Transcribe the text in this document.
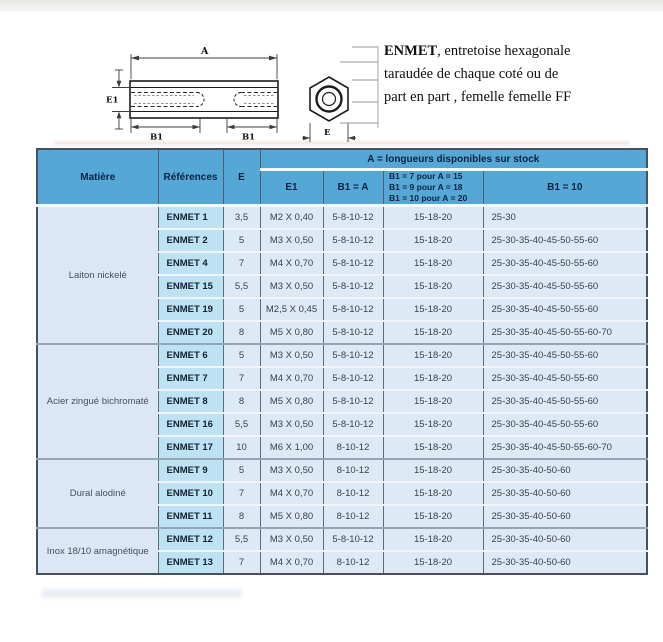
A
E1
B1	B1	E
ENMET, entretoise hexagonale
taraudée de chaque coté ou de
part en part , femelle femelle FF
Matière	Références	E	A = longueurs disponibles sur stock			
			E1	B1 = A	B1 = 7 pour A = 15
B1 = 9 pour A = 18
B1 = 10 pour A = 20	B1 = 10
Laiton nickelé	ENMET 1	3,5	M2 X 0,40	5-8-10-12	15-18-20	25-30
	ENMET 2	5	M3 X 0,50	5-8-10-12	15-18-20	25-30-35-40-45-50-55-60
	ENMET 4	7	M4 X 0,70	5-8-10-12	15-18-20	25-30-35-40-45-50-55-60
	ENMET 15	5,5	M3 X 0,50	5-8-10-12	15-18-20	25-30-35-40-45-50-55-60
	ENMET 19	5	M2,5 X 0,45	5-8-10-12	15-18-20	25-30-35-40-45-50-55-60
	ENMET 20	8	M5 X 0,80	5-8-10-12	15-18-20	25-30-35-40-45-50-55-60-70
Acier zingué bichromaté	ENMET 6	5	M3 X 0,50	5-8-10-12	15-18-20	25-30-35-40-45-50-55-60
	ENMET 7	7	M4 X 0,70	5-8-10-12	15-18-20	25-30-35-40-45-50-55-60
	ENMET 8	8	M5 X 0,80	5-8-10-12	15-18-20	25-30-35-40-45-50-55-60
	ENMET 16	5,5	M3 X 0,50	5-8-10-12	15-18-20	25-30-35-40-45-50-55-60
	ENMET 17	10	M6 X 1,00	8-10-12	15-18-20	25-30-35-40-45-50-55-60-70
Dural alodiné	ENMET 9	5	M3 X 0,50	8-10-12	15-18-20	25-30-35-40-50-60
	ENMET 10	7	M4 X 0,70	8-10-12	15-18-20	25-30-35-40-50-60
	ENMET 11	8	M5 X 0,80	8-10-12	15-18-20	25-30-35-40-50-60
Inox 18/10 amagnétique	ENMET 12	5,5	M3 X 0,50	5-8-10-12	15-18-20	25-30-35-40-50-60
	ENMET 13	7	M4 X 0,70	8-10-12	15-18-20	25-30-35-40-50-60
